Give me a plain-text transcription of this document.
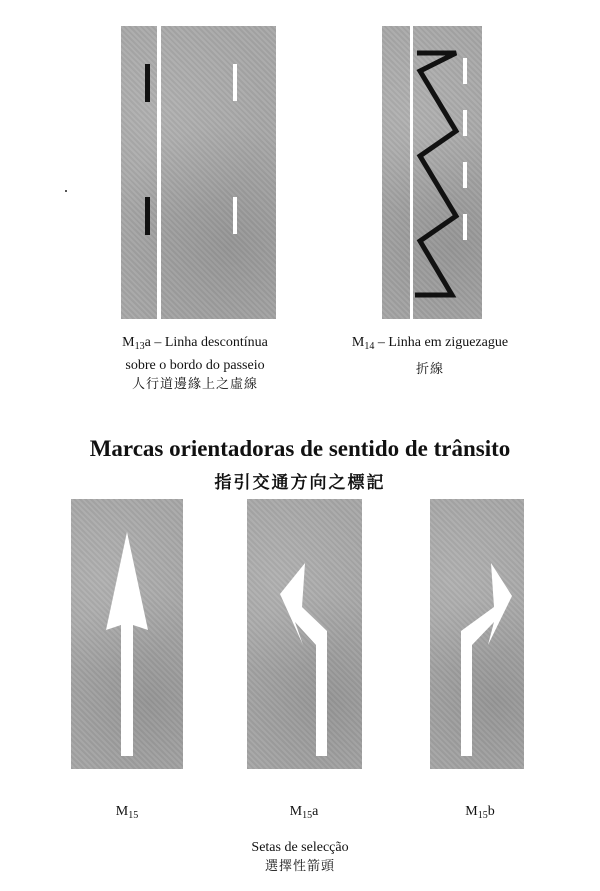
$M_{13}a$ – Linha descontínua
sobre o bordo do passeio
人行道邊緣上之虛線
$M_{14}$ – Linha em ziguezague
折線
Marcas orientadoras de sentido de trânsito
指引交通方向之標記
$M_{15}$	$M_{15}a$	$M_{15}b$
Setas de selecção
選擇性箭頭
